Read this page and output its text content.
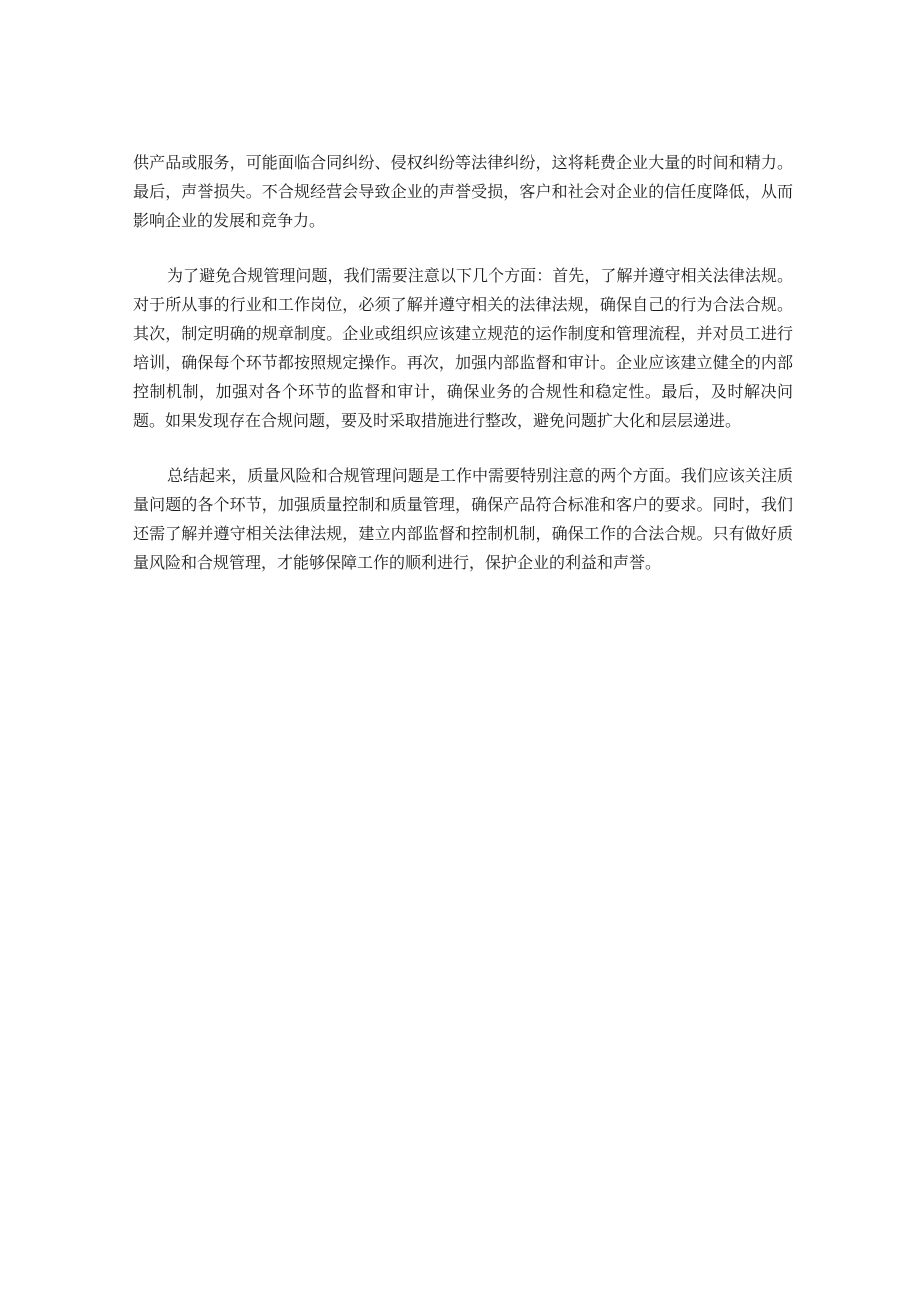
供产品或服务，可能面临合同纠纷、侵权纠纷等法律纠纷，这将耗费企业大量的时间和精力。最后，声誉损失。不合规经营会导致企业的声誉受损，客户和社会对企业的信任度降低，从而影响企业的发展和竞争力。

为了避免合规管理问题，我们需要注意以下几个方面：首先，了解并遵守相关法律法规。对于所从事的行业和工作岗位，必须了解并遵守相关的法律法规，确保自己的行为合法合规。其次，制定明确的规章制度。企业或组织应该建立规范的运作制度和管理流程，并对员工进行培训，确保每个环节都按照规定操作。再次，加强内部监督和审计。企业应该建立健全的内部控制机制，加强对各个环节的监督和审计，确保业务的合规性和稳定性。最后，及时解决问题。如果发现存在合规问题，要及时采取措施进行整改，避免问题扩大化和层层递进。

总结起来，质量风险和合规管理问题是工作中需要特别注意的两个方面。我们应该关注质量问题的各个环节，加强质量控制和质量管理，确保产品符合标准和客户的要求。同时，我们还需了解并遵守相关法律法规，建立内部监督和控制机制，确保工作的合法合规。只有做好质量风险和合规管理，才能够保障工作的顺利进行，保护企业的利益和声誉。
